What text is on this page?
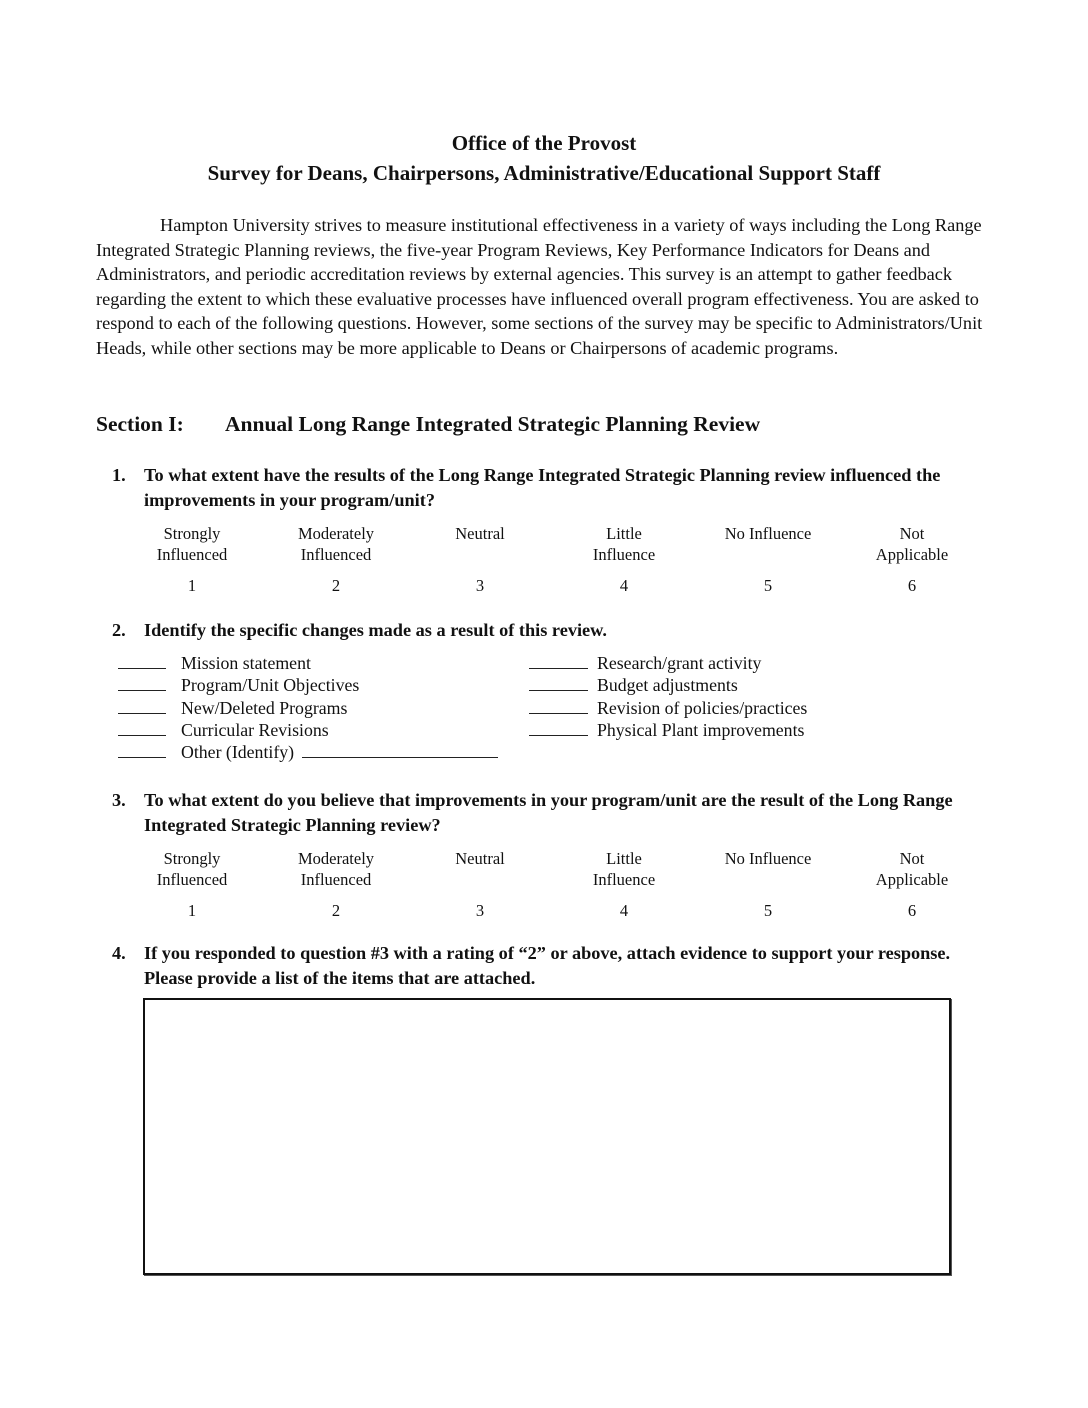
Office of the Provost
Survey for Deans, Chairpersons, Administrative/Educational Support Staff

Hampton University strives to measure institutional effectiveness in a variety of ways including the Long Range Integrated Strategic Planning reviews, the five-year Program Reviews, Key Performance Indicators for Deans and Administrators, and periodic accreditation reviews by external agencies. This survey is an attempt to gather feedback regarding the extent to which these evaluative processes have influenced overall program effectiveness. You are asked to respond to each of the following questions. However, some sections of the survey may be specific to Administrators/Unit Heads, while other sections may be more applicable to Deans or Chairpersons of academic programs.

Section I: Annual Long Range Integrated Strategic Planning Review
1. To what extent have the results of the Long Range Integrated Strategic Planning review influenced the improvements in your program/unit?
Strongly
Influenced
1
Moderately
Influenced
2
Neutral

3
Little
Influence
4
No Influence

5
Not
Applicable
6
2. Identify the specific changes made as a result of this review.
Mission statement
Program/Unit Objectives
New/Deleted Programs
Curricular Revisions
Other (Identify)
Research/grant activity
Budget adjustments
Revision of policies/practices
Physical Plant improvements
3. To what extent do you believe that improvements in your program/unit are the result of the Long Range Integrated Strategic Planning review?
Strongly
Influenced
1
Moderately
Influenced
2
Neutral

3
Little
Influence
4
No Influence

5
Not
Applicable
6
4. If you responded to question #3 with a rating of “2” or above, attach evidence to support your response. Please provide a list of the items that are attached.
